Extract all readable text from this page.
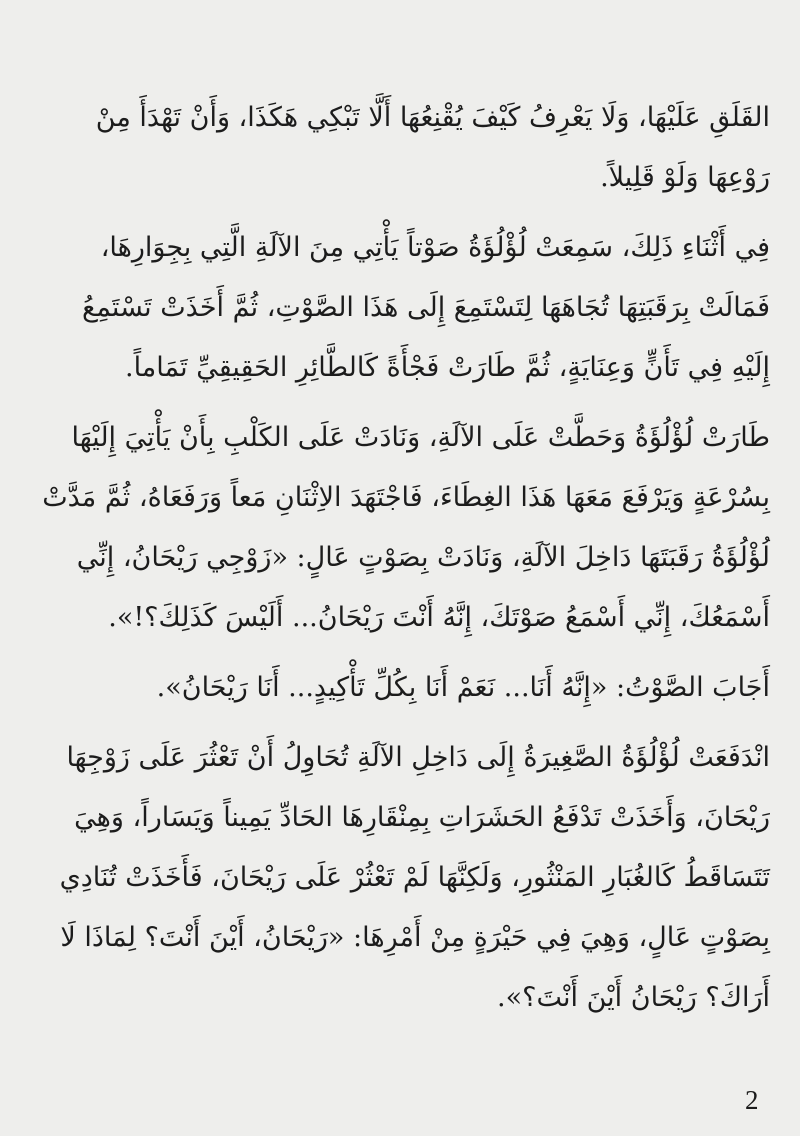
القَلَقِ عَلَيْهَا، وَلَا يَعْرِفُ كَيْفَ يُقْنِعُهَا أَلَّا تَبْكِي هَكَذَا، وَأَنْ تَهْدَأَ مِنْ رَوْعِهَا وَلَوْ قَلِيلاً.

فِي أَثْنَاءِ ذَلِكَ، سَمِعَتْ لُؤْلُؤَةُ صَوْتاً يَأْتِي مِنَ الآلَةِ الَّتِي بِجِوَارِهَا، فَمَالَتْ بِرَقَبَتِهَا تُجَاهَهَا لِتَسْتَمِعَ إِلَى هَذَا الصَّوْتِ، ثُمَّ أَخَذَتْ تَسْتَمِعُ إِلَيْهِ فِي تَأَنٍّ وَعِنَايَةٍ، ثُمَّ طَارَتْ فَجْأَةً كَالطَّائِرِ الحَقِيقِيِّ تَمَاماً.

طَارَتْ لُؤْلُؤَةُ وَحَطَّتْ عَلَى الآلَةِ، وَنَادَتْ عَلَى الكَلْبِ بِأَنْ يَأْتِيَ إِلَيْهَا بِسُرْعَةٍ وَيَرْفَعَ مَعَهَا هَذَا الغِطَاءَ، فَاجْتَهَدَ الاِثْنَانِ مَعاً وَرَفَعَاهُ، ثُمَّ مَدَّتْ لُؤْلُؤَةُ رَقَبَتَهَا دَاخِلَ الآلَةِ، وَنَادَتْ بِصَوْتٍ عَالٍ: «زَوْجِي رَيْحَانُ، إِنِّي أَسْمَعُكَ، إِنِّي أَسْمَعُ صَوْتَكَ، إِنَّهُ أَنْتَ رَيْحَانُ... أَلَيْسَ كَذَلِكَ؟!».

أَجَابَ الصَّوْتُ: «إِنَّهُ أَنَا... نَعَمْ أَنَا بِكُلِّ تَأْكِيدٍ... أَنَا رَيْحَانُ».

انْدَفَعَتْ لُؤْلُؤَةُ الصَّغِيرَةُ إِلَى دَاخِلِ الآلَةِ تُحَاوِلُ أَنْ تَعْثُرَ عَلَى زَوْجِهَا رَيْحَانَ، وَأَخَذَتْ تَدْفَعُ الحَشَرَاتِ بِمِنْقَارِهَا الحَادِّ يَمِيناً وَيَسَاراً، وَهِيَ تَتَسَاقَطُ كَالغُبَارِ المَنْثُورِ، وَلَكِنَّهَا لَمْ تَعْثُرْ عَلَى رَيْحَانَ، فَأَخَذَتْ تُنَادِي بِصَوْتٍ عَالٍ، وَهِيَ فِي حَيْرَةٍ مِنْ أَمْرِهَا: «رَيْحَانُ، أَيْنَ أَنْتَ؟ لِمَاذَا لَا أَرَاكَ؟ رَيْحَانُ أَيْنَ أَنْتَ؟».

2
